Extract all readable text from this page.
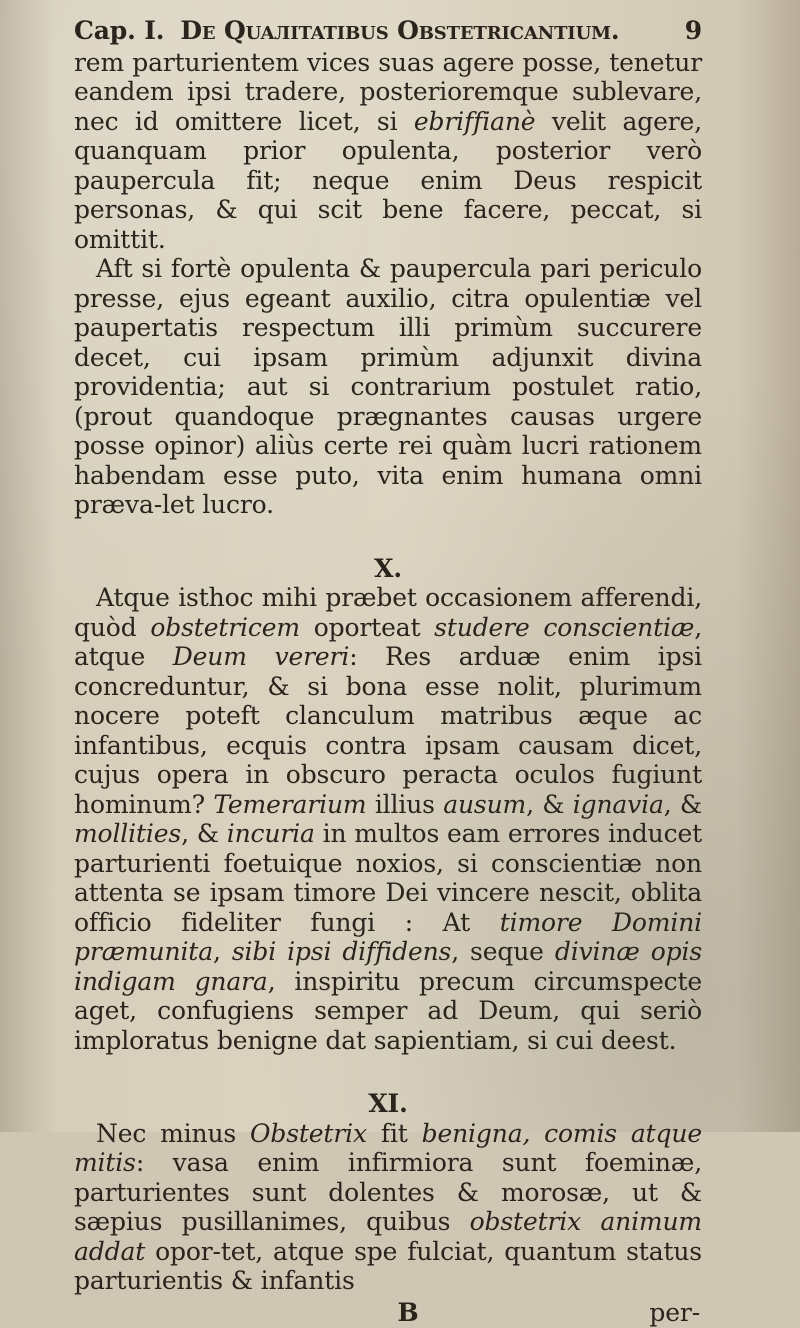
Cap. I. De Quaлitatibus Obstetricantium.	9

rem parturientem vices suas agere posse, tenetur eandem ipsi tradere, posterioremque sublevare, nec id omittere licet, si ebriffianè velit agere, quanquam prior opulenta, posterior verò paupercula fit; neque enim Deus respicit personas, & qui scit bene facere, peccat, si omittit.

Aft si fortè opulenta & paupercula pari periculo presse, ejus egeant auxilio, citra opulentiæ vel paupertatis respectum illi primùm succurere decet, cui ipsam primùm adjunxit divina providentia; aut si contrarium postulet ratio, (prout quandoque prægnantes causas urgere posse opinor) aliùs certe rei quàm lucri rationem habendam esse puto, vita enim humana omni præva-let lucro.

X.

Atque isthoc mihi præbet occasionem afferendi, quòd obstetricem oporteat studere conscientiæ, atque Deum vereri: Res arduæ enim ipsi concreduntur, & si bona esse nolit, plurimum nocere poteft clanculum matribus æque ac infantibus, ecquis contra ipsam causam dicet, cujus opera in obscuro peracta oculos fugiunt hominum? Temerarium illius ausum, & ignavia, & mollities, & incuria in multos eam errores inducet parturienti foetuique noxios, si conscientiæ non attenta se ipsam timore Dei vincere nescit, oblita officio fideliter fungi : At timore Domini præmunita, sibi ipsi diffidens, seque divinæ opis indigam gnara, inspiritu precum circumspecte aget, confugiens semper ad Deum, qui seriò imploratus benigne dat sapientiam, si cui deest.

XI.

Nec minus Obstetrix fit benigna, comis atque mitis: vasa enim infirmiora sunt foeminæ, parturientes sunt dolentes & morosæ, ut & sæpius pusillanimes, quibus obstetrix animum addat opor-tet, atque spe fulciat, quantum status parturientis & infantis

B	per-
